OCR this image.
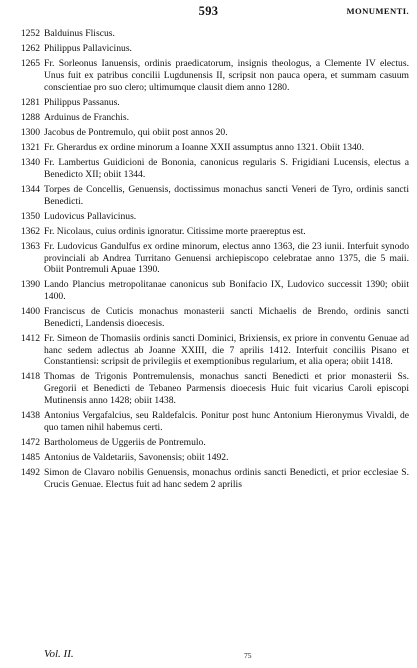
593	MONUMENTI.
1252 Balduinus Fliscus.
1262 Philippus Pallavicinus.
1265 Fr. Sorleonus Ianuensis, ordinis praedicatorum, insignis theologus, a Clemente IV electus. Unus fuit ex patribus concilii Lugdunensis II, scripsit non pauca opera, et summam casuum conscientiae pro suo clero; ultimumque clausit diem anno 1280.
1281 Philippus Passanus.
1288 Arduinus de Franchis.
1300 Jacobus de Pontremulo, qui obiit post annos 20.
1321 Fr. Gherardus ex ordine minorum a Ioanne XXII assumptus anno 1321. Obiit 1340.
1340 Fr. Lambertus Guidicioni de Bononia, canonicus regularis S. Frigidiani Lucensis, electus a Benedicto XII; obiit 1344.
1344 Torpes de Concellis, Genuensis, doctissimus monachus sancti Veneri de Tyro, ordinis sancti Benedicti.
1350 Ludovicus Pallavicinus.
1362 Fr. Nicolaus, cuius ordinis ignoratur. Citissime morte praereptus est.
1363 Fr. Ludovicus Gandulfus ex ordine minorum, electus anno 1363, die 23 iunii. Interfuit synodo provinciali ab Andrea Turritano Genuensi archiepiscopo celebratae anno 1375, die 5 maii. Obiit Pontremuli Apuae 1390.
1390 Lando Plancius metropolitanae canonicus sub Bonifacio IX, Ludovico successit 1390; obiit 1400.
1400 Franciscus de Cuticis monachus monasterii sancti Michaelis de Brendo, ordinis sancti Benedicti, Landensis dioecesis.
1412 Fr. Simeon de Thomasiis ordinis sancti Dominici, Brixiensis, ex priore in conventu Genuae ad hanc sedem adlectus ab Joanne XXIII, die 7 aprilis 1412. Interfuit conciliis Pisano et Constantiensi: scripsit de privilegiis et exemptionibus regularium, et alia opera; obiit 1418.
1418 Thomas de Trigonis Pontremulensis, monachus sancti Benedicti et prior monasterii Ss. Gregorii et Benedicti de Tebaneo Parmensis dioecesis Huic fuit vicarius Caroli episcopi Mutinensis anno 1428; obiit 1438.
1438 Antonius Vergafalcius, seu Raldefalcis. Ponitur post hunc Antonium Hieronymus Vivaldi, de quo tamen nihil habemus certi.
1472 Bartholomeus de Uggeriis de Pontremulo.
1485 Antonius de Valdetariis, Savonensis; obiit 1492.
1492 Simon de Clavaro nobilis Genuensis, monachus ordinis sancti Benedicti, et prior ecclesiae S. Crucis Genuae. Electus fuit ad hanc sedem 2 aprilis
Vol. II.	75
